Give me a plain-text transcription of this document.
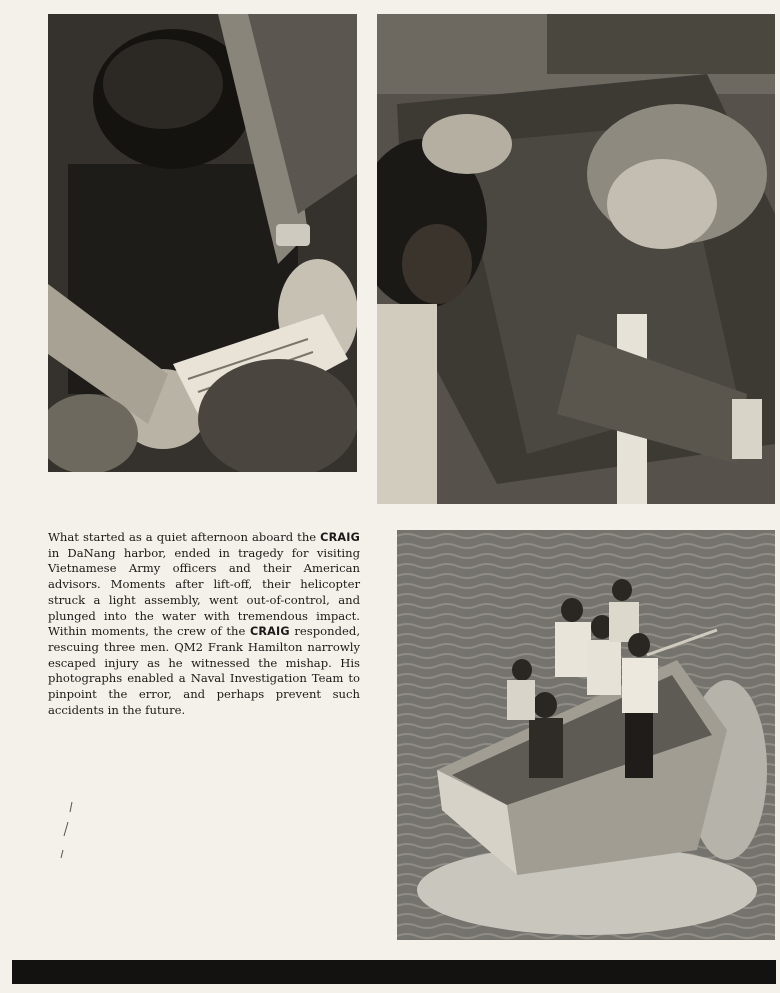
What started as a quiet afternoon aboard the CRAIG in DaNang harbor, ended in tragedy for visiting Vietnamese Army officers and their American advisors. Moments after lift-off, their helicopter struck a light assembly, went out-of-control, and plunged into the water with tremendous impact. Within moments, the crew of the CRAIG responded, rescuing three men. QM2 Frank Hamilton narrowly escaped injury as he witnessed the mishap. His photographs enabled a Naval Investigation Team to pinpoint the error, and perhaps prevent such accidents in the future.
